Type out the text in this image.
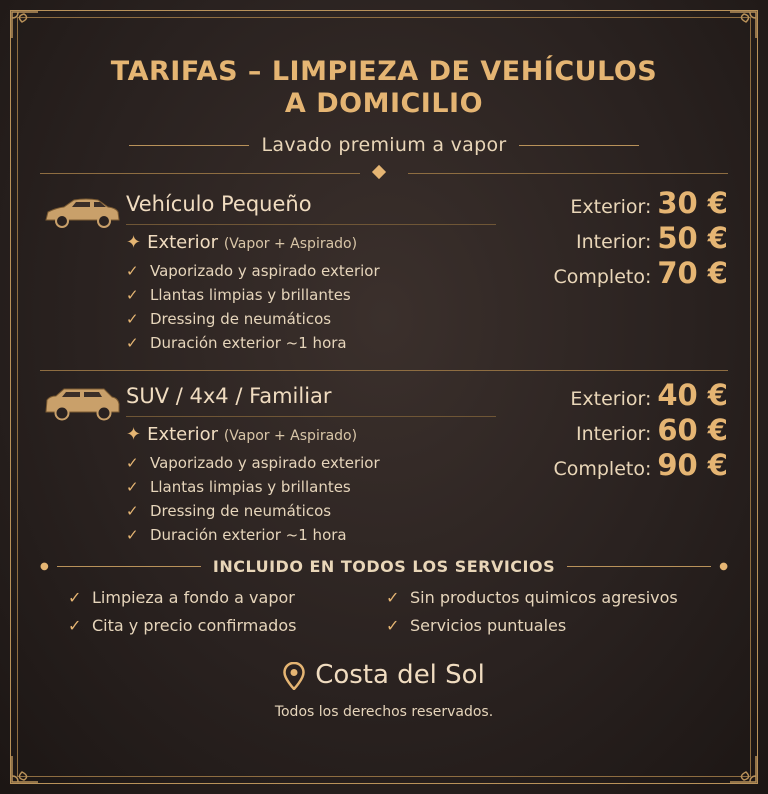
TARIFAS – LIMPIEZA DE VEHÍCULOS
A DOMICILIO
Lavado premium a vapor
Vehículo Pequeño
✦ Exterior (Vapor + Aspirado)
✓ Vaporizado y aspirado exterior
✓ Llantas limpias y brillantes
✓ Dressing de neumáticos
✓ Duración exterior ~1 hora
Exterior: 30 €
Interior: 50 €
Completo: 70 €
SUV / 4x4 / Familiar
✦ Exterior (Vapor + Aspirado)
✓ Vaporizado y aspirado exterior
✓ Llantas limpias y brillantes
✓ Dressing de neumáticos
✓ Duración exterior ~1 hora
Exterior: 40 €
Interior: 60 €
Completo: 90 €
●	INCLUIDO EN TODOS LOS SERVICIOS	●
✓ Limpieza a fondo a vapor	✓ Sin productos quimicos agresivos
✓ Cita y precio confirmados	✓ Servicios puntuales
Costa del Sol
Todos los derechos reservados.
